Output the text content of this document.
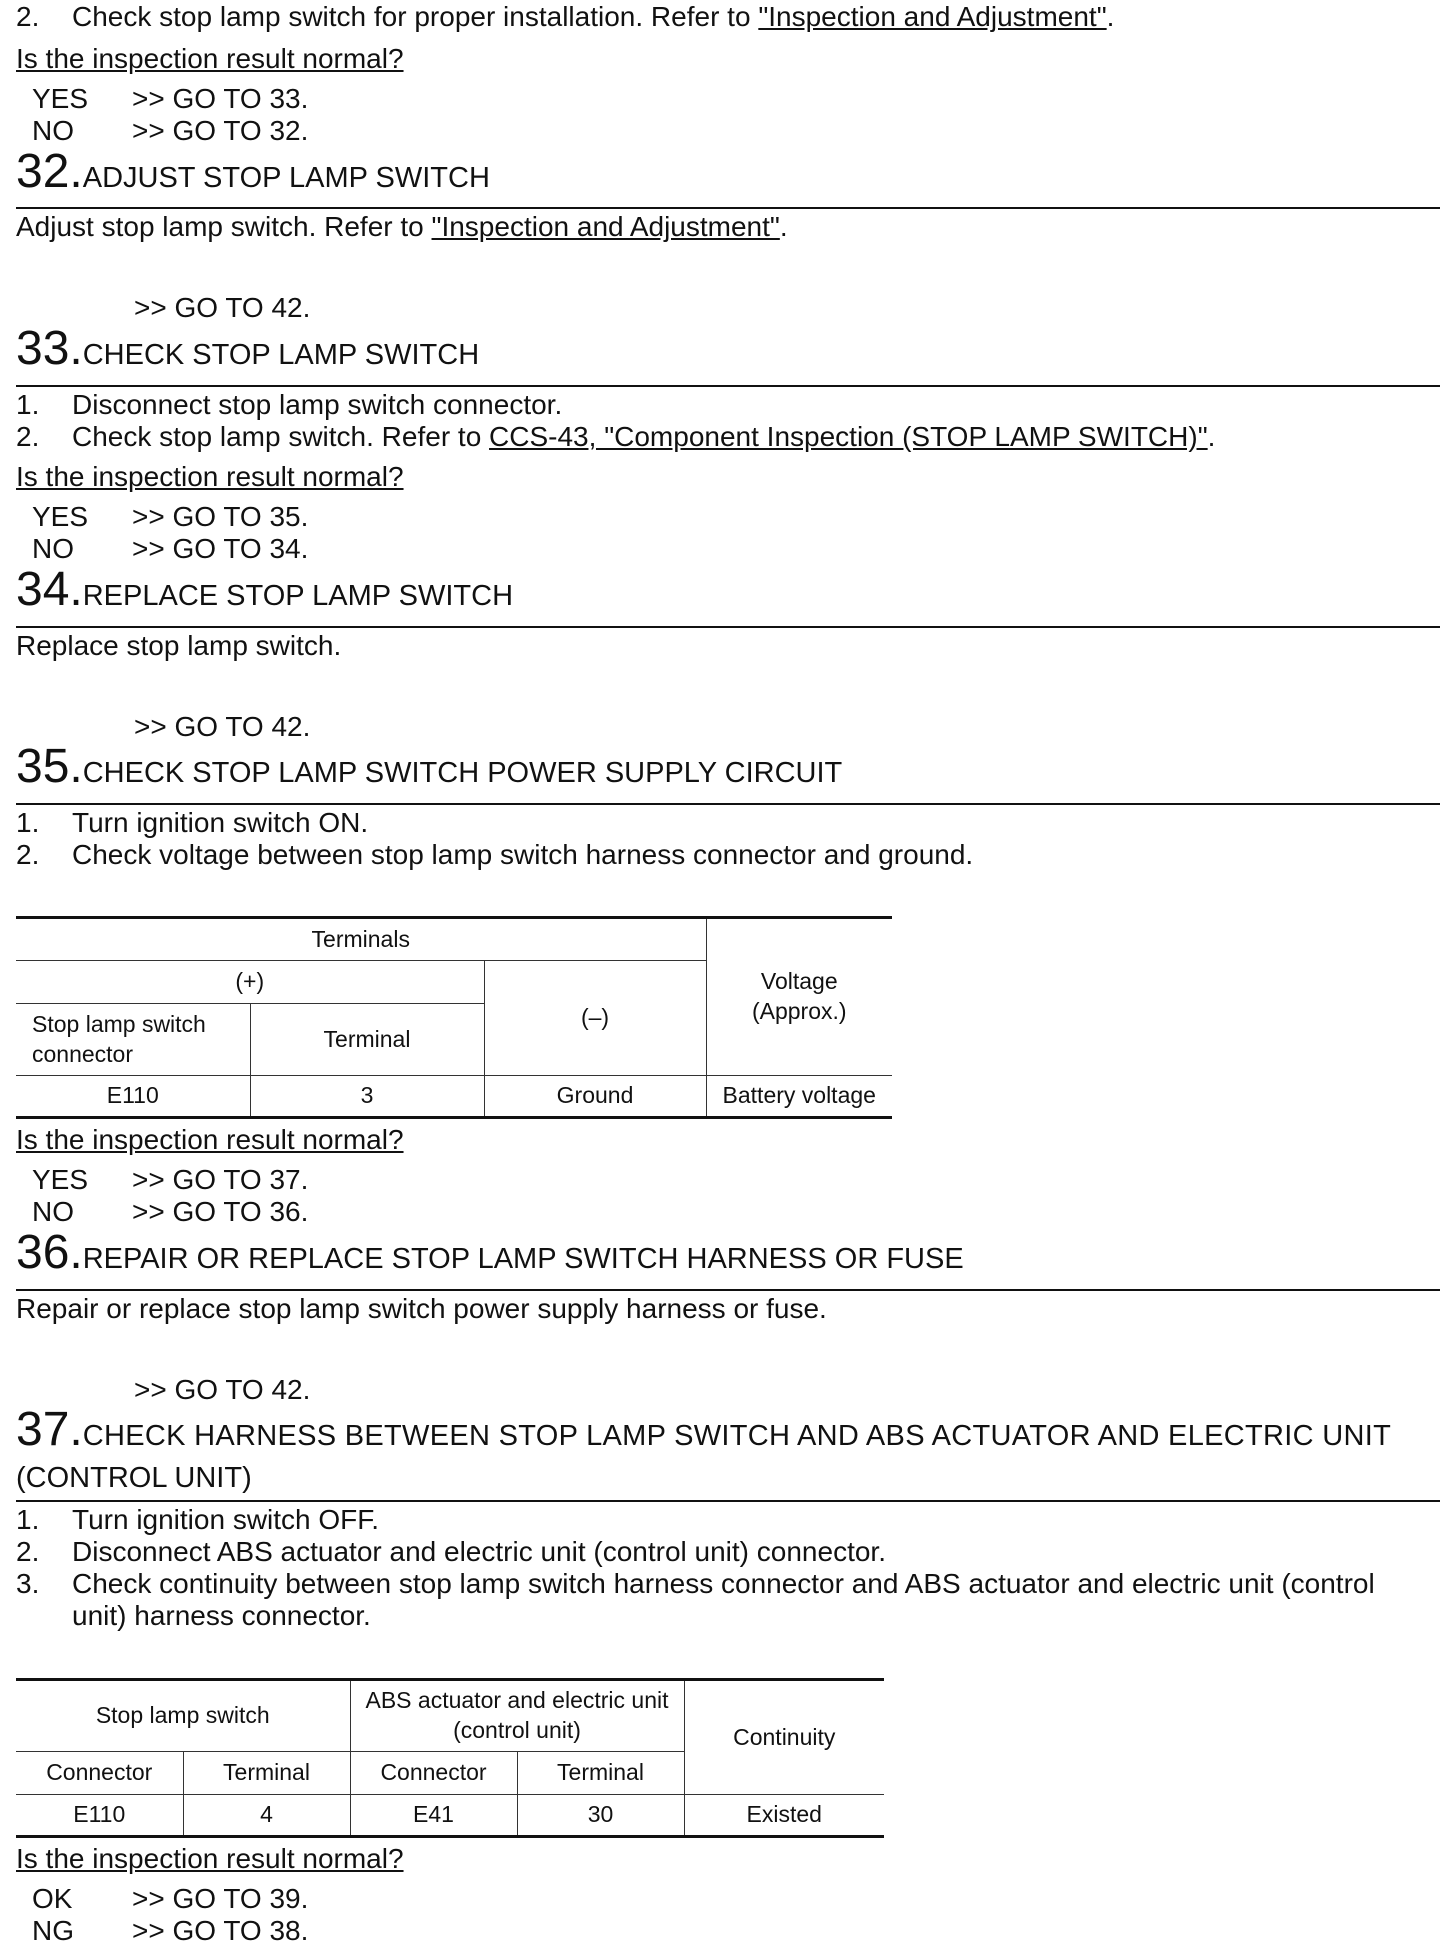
2. Check stop lamp switch for proper installation. Refer to "Inspection and Adjustment".
Is the inspection result normal?
YES >> GO TO 33.
NO >> GO TO 32.
32.ADJUST STOP LAMP SWITCH
Adjust stop lamp switch. Refer to "Inspection and Adjustment".
>> GO TO 42.
33.CHECK STOP LAMP SWITCH
1. Disconnect stop lamp switch connector.
2. Check stop lamp switch. Refer to CCS-43, "Component Inspection (STOP LAMP SWITCH)".
Is the inspection result normal?
YES >> GO TO 35.
NO >> GO TO 34.
34.REPLACE STOP LAMP SWITCH
Replace stop lamp switch.
>> GO TO 42.
35.CHECK STOP LAMP SWITCH POWER SUPPLY CIRCUIT
1. Turn ignition switch ON.
2. Check voltage between stop lamp switch harness connector and ground.
Terminals			Voltage
(Approx.)
(+)		(–)	
Stop lamp switch
connector	Terminal		
E110	3	Ground	Battery voltage
Is the inspection result normal?
YES >> GO TO 37.
NO >> GO TO 36.
36.REPAIR OR REPLACE STOP LAMP SWITCH HARNESS OR FUSE
Repair or replace stop lamp switch power supply harness or fuse.
>> GO TO 42.
37.CHECK HARNESS BETWEEN STOP LAMP SWITCH AND ABS ACTUATOR AND ELECTRIC UNIT
(CONTROL UNIT)
1. Turn ignition switch OFF.
2. Disconnect ABS actuator and electric unit (control unit) connector.
3. Check continuity between stop lamp switch harness connector and ABS actuator and electric unit (control
unit) harness connector.
Stop lamp switch		ABS actuator and electric unit
(control unit)		Continuity
Connector	Terminal	Connector	Terminal	
E110	4	E41	30	Existed
Is the inspection result normal?
OK >> GO TO 39.
NG >> GO TO 38.
